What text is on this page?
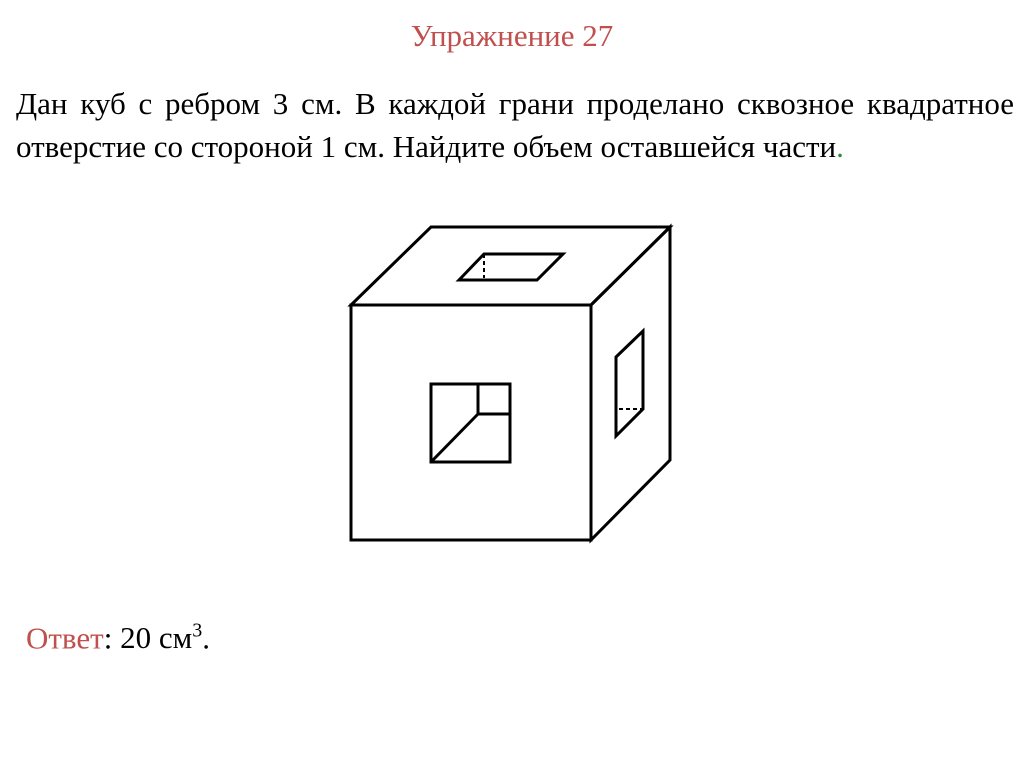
Упражнение 27
Дан куб с ребром 3 см. В каждой грани проделано сквозное квадратное отверстие со стороной 1 см. Найдите объем оставшейся части.
Ответ: 20 $см^3$.
